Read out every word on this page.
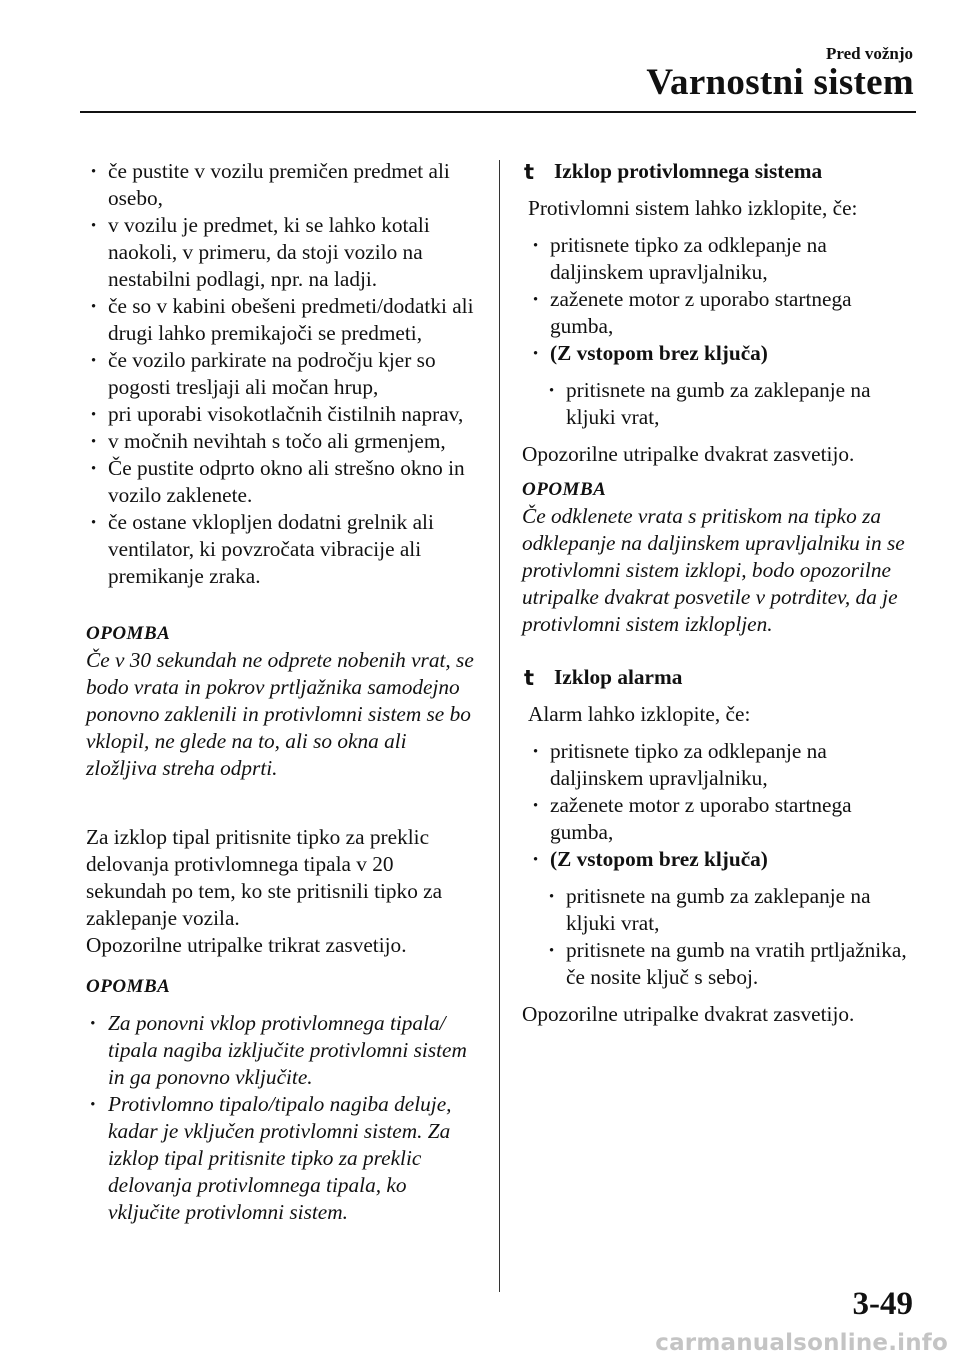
Pred vožnjo
Varnostni sistem
· če pustite v vozilu premičen predmet ali osebo,
· v vozilu je predmet, ki se lahko kotali naokoli, v primeru, da stoji vozilo na nestabilni podlagi, npr. na ladji.
· če so v kabini obešeni predmeti/dodatki ali drugi lahko premikajoči se predmeti,
· če vozilo parkirate na področju kjer so pogosti tresljaji ali močan hrup,
· pri uporabi visokotlačnih čistilnih naprav,
· v močnih nevihtah s točo ali grmenjem,
· Če pustite odprto okno ali strešno okno in vozilo zaklenete.
· če ostane vklopljen dodatni grelnik ali ventilator, ki povzročata vibracije ali premikanje zraka.
OPOMBA

Če v 30 sekundah ne odprete nobenih vrat, se bodo vrata in pokrov prtljažnika samodejno ponovno zaklenili in protivlomni sistem se bo vklopil, ne glede na to, ali so okna ali zložljiva streha odprti.

Za izklop tipal pritisnite tipko za preklic delovanja protivlomnega tipala v 20 sekundah po tem, ko ste pritisnili tipko za zaklepanje vozila.

Opozorilne utripalke trikrat zasvetijo.

OPOMBA
· Za ponovni vklop protivlomnega tipala/ tipala nagiba izključite protivlomni sistem in ga ponovno vključite.
· Protivlomno tipalo/tipalo nagiba deluje, kadar je vključen protivlomni sistem. Za izklop tipal pritisnite tipko za preklic delovanja protivlomnega tipala, ko vključite protivlomni sistem.
t Izklop protivlomnega sistema

Protivlomni sistem lahko izklopite, če:

· pritisnete tipko za odklepanje na daljinskem upravljalniku,
· zaženete motor z uporabo startnega gumba,
· (Z vstopom brez ključa)
· pritisnete na gumb za zaklepanje na kljuki vrat,

Opozorilne utripalke dvakrat zasvetijo.

OPOMBA

Če odklenete vrata s pritiskom na tipko za odklepanje na daljinskem upravljalniku in se protivlomni sistem izklopi, bodo opozorilne utripalke dvakrat posvetile v potrditev, da je protivlomni sistem izklopljen.

t Izklop alarma

Alarm lahko izklopite, če:

· pritisnete tipko za odklepanje na daljinskem upravljalniku,
· zaženete motor z uporabo startnega gumba,
· (Z vstopom brez ključa)
· pritisnete na gumb za zaklepanje na kljuki vrat,
· pritisnete na gumb na vratih prtljažnika, če nosite ključ s seboj.

Opozorilne utripalke dvakrat zasvetijo.

3-49
carmanualsonline.info
